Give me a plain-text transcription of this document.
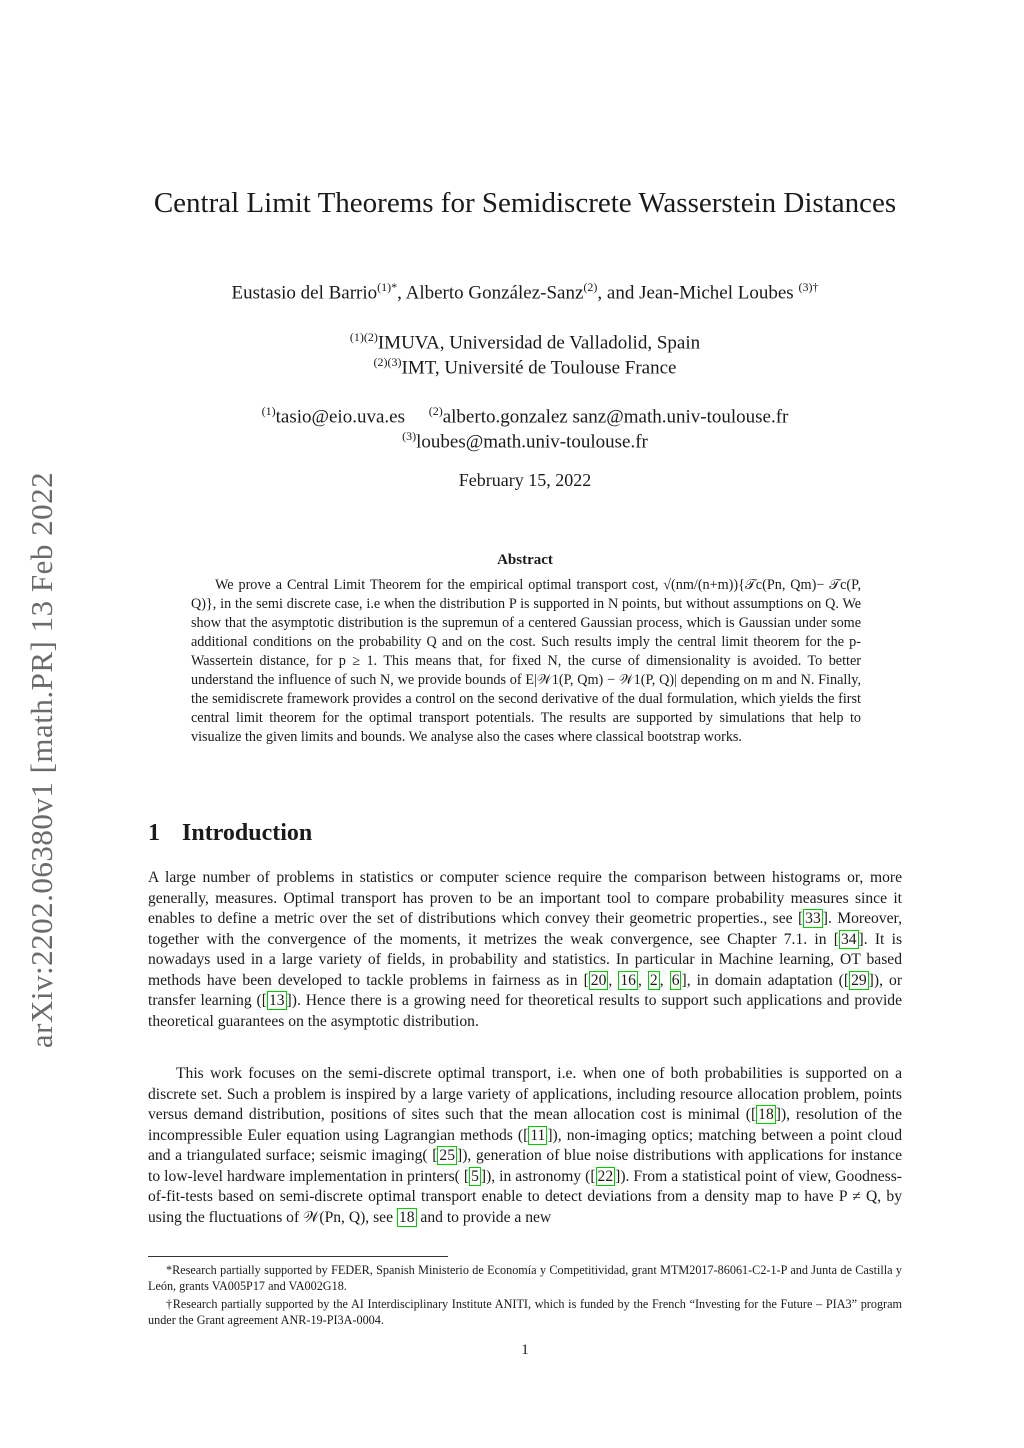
arXiv:2202.06380v1 [math.PR] 13 Feb 2022
Central Limit Theorems for Semidiscrete Wasserstein Distances
Eustasio del Barrio$^{(1)*}$, Alberto González-Sanz$^{(2)}$, and Jean-Michel Loubes $^{(3)\dagger}$
$^{(1)(2)}$IMUVA, Universidad de Valladolid, Spain
$^{(2)(3)}$IMT, Université de Toulouse France
$^{(1)}$tasio@eio.uva.es $^{(2)}$alberto.gonzalez sanz@math.univ-toulouse.fr
$^{(3)}$loubes@math.univ-toulouse.fr
February 15, 2022
Abstract

We prove a Central Limit Theorem for the empirical optimal transport cost, √(nm/(n+m)){𝒯c(Pn, Qm)− 𝒯c(P, Q)}, in the semi discrete case, i.e when the distribution P is supported in N points, but without assumptions on Q. We show that the asymptotic distribution is the supremun of a centered Gaussian process, which is Gaussian under some additional conditions on the probability Q and on the cost. Such results imply the central limit theorem for the p-Wassertein distance, for p ≥ 1. This means that, for fixed N, the curse of dimensionality is avoided. To better understand the influence of such N, we provide bounds of E|𝒲1(P, Qm) − 𝒲1(P, Q)| depending on m and N. Finally, the semidiscrete framework provides a control on the second derivative of the dual formulation, which yields the first central limit theorem for the optimal transport potentials. The results are supported by simulations that help to visualize the given limits and bounds. We analyse also the cases where classical bootstrap works.

1 Introduction

A large number of problems in statistics or computer science require the comparison between histograms or, more generally, measures. Optimal transport has proven to be an important tool to compare probability measures since it enables to define a metric over the set of distributions which convey their geometric properties., see [ 33 ]. Moreover, together with the convergence of the moments, it metrizes the weak convergence, see Chapter 7.1. in [ 34 ]. It is nowadays used in a large variety of fields, in probability and statistics. In particular in Machine learning, OT based methods have been developed to tackle problems in fairness as in [ 20 , 16 , 2 , 6 ], in domain adaptation ([ 29 ]), or transfer learning ([ 13 ]). Hence there is a growing need for theoretical results to support such applications and provide theoretical guarantees on the asymptotic distribution.

This work focuses on the semi-discrete optimal transport, i.e. when one of both probabilities is supported on a discrete set. Such a problem is inspired by a large variety of applications, including resource allocation problem, points versus demand distribution, positions of sites such that the mean allocation cost is minimal ([ 18 ]), resolution of the incompressible Euler equation using Lagrangian methods ([ 11 ]), non-imaging optics; matching between a point cloud and a triangulated surface; seismic imaging( [ 25 ]), generation of blue noise distributions with applications for instance to low-level hardware implementation in printers( [ 5 ]), in astronomy ([ 22 ]). From a statistical point of view, Goodness-of-fit-tests based on semi-discrete optimal transport enable to detect deviations from a density map to have P ≠ Q, by using the fluctuations of 𝒲(Pn, Q), see 18 and to provide a new

*Research partially supported by FEDER, Spanish Ministerio de Economía y Competitividad, grant MTM2017-86061-C2-1-P and Junta de Castilla y León, grants VA005P17 and VA002G18.

†Research partially supported by the AI Interdisciplinary Institute ANITI, which is funded by the French “Investing for the Future – PIA3” program under the Grant agreement ANR-19-PI3A-0004.

1
